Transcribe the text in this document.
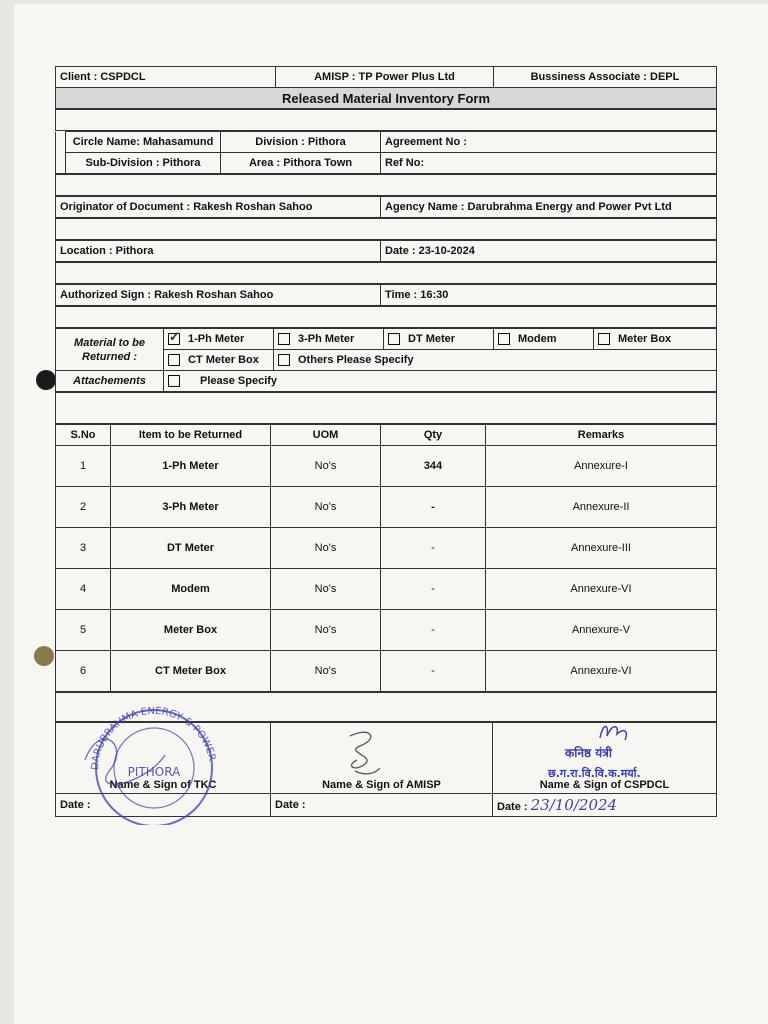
Client : CSPDCL	AMISP : TP Power Plus Ltd	Bussiness Associate : DEPL
Released Material Inventory Form
	Circle Name: Mahasamund	Division : Pithora	Agreement No :
	Sub-Division : Pithora	Area : Pithora Town	Ref No:
Originator of Document : Rakesh Roshan Sahoo	Agency Name : Darubrahma Energy and Power Pvt Ltd
Location : Pithora	Date : 23-10-2024
Authorized Sign : Rakesh Roshan Sahoo	Time : 16:30
Material to be
Returned :	✓1-Ph Meter	3-Ph Meter	DT Meter	Modem	Meter Box
	CT Meter Box	Others Please Specify			
Attachements	Please Specify				
S.No	Item to be Returned	UOM	Qty	Remarks
1	1-Ph Meter	No's	344	Annexure-I
2	3-Ph Meter	No's	-	Annexure-II
3	DT Meter	No's	-	Annexure-III
4	Modem	No's	-	Annexure-VI
5	Meter Box	No's	-	Annexure-V
6	CT Meter Box	No's	-	Annexure-VI
Name & Sign of TKC	Name & Sign of AMISP	Name & Sign of CSPDCL
Date :	Date :	Date : 23/10/2024
DARUBRAHMA ENERGY & POWER
PITHORA
कनिष्ठ यंत्री
छ.ग.रा.वि.वि.क.मर्या.
